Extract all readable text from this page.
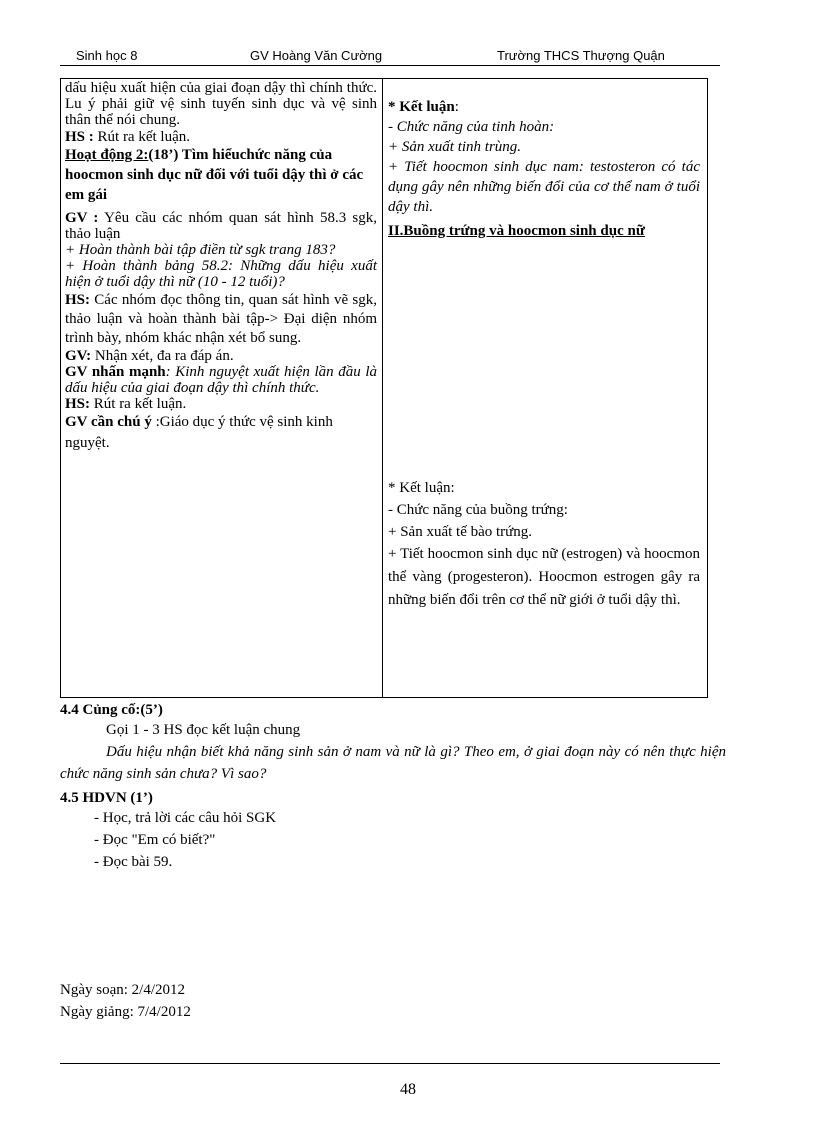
Sinh học 8	GV Hoàng Văn Cường	Trường THCS Thượng Quận

dấu hiệu xuất hiện của giai đoạn dậy thì chính thức. Lu ý phải giữ vệ sinh tuyến sinh dục và vệ sinh thân thể nói chung.

HS : Rút ra kết luận.

Hoạt động 2:(18’) Tìm hiểuchức năng của hoocmon sinh dục nữ đối với tuổi dậy thì ở các em gái

GV : Yêu cầu các nhóm quan sát hình 58.3 sgk, thảo luận

+ Hoàn thành bài tập điền từ sgk trang 183?

+ Hoàn thành bảng 58.2: Những dấu hiệu xuất hiện ở tuổi dậy thì nữ (10 - 12 tuổi)?

HS: Các nhóm đọc thông tin, quan sát hình vẽ sgk, thảo luận và hoàn thành bài tập-> Đại diện nhóm trình bày, nhóm khác nhận xét bổ sung.

GV: Nhận xét, đa ra đáp án.

GV nhấn mạnh: Kinh nguyệt xuất hiện lần đầu là dấu hiệu của giai đoạn dậy thì chính thức.

HS: Rút ra kết luận.

GV cần chú ý :Giáo dục ý thức vệ sinh kinh nguyệt.

* Kết luận:

- Chức năng của tinh hoàn:

+ Sản xuất tinh trùng.

+ Tiết hoocmon sinh dục nam: testosteron có tác dụng gây nên những biến đổi của cơ thể nam ở tuổi dậy thì.

II.Buồng trứng và hoocmon sinh dục nữ

* Kết luận:

- Chức năng của buồng trứng:

+ Sản xuất tế bào trứng.

+ Tiết hoocmon sinh dục nữ (estrogen) và hoocmon thể vàng (progesteron). Hoocmon estrogen gây ra những biến đổi trên cơ thể nữ giới ở tuổi dậy thì.

4.4 Củng cố:(5’)

Gọi 1 - 3 HS đọc kết luận chung

Dấu hiệu nhận biết khả năng sinh sản ở nam và nữ là gì? Theo em, ở giai đoạn này có nên thực hiện chức năng sinh sản chưa? Vì sao?

4.5 HDVN (1’)

- Học, trả lời các câu hỏi SGK

- Đọc "Em có biết?"

- Đọc bài 59.

Ngày soạn: 2/4/2012

Ngày giảng: 7/4/2012

48
